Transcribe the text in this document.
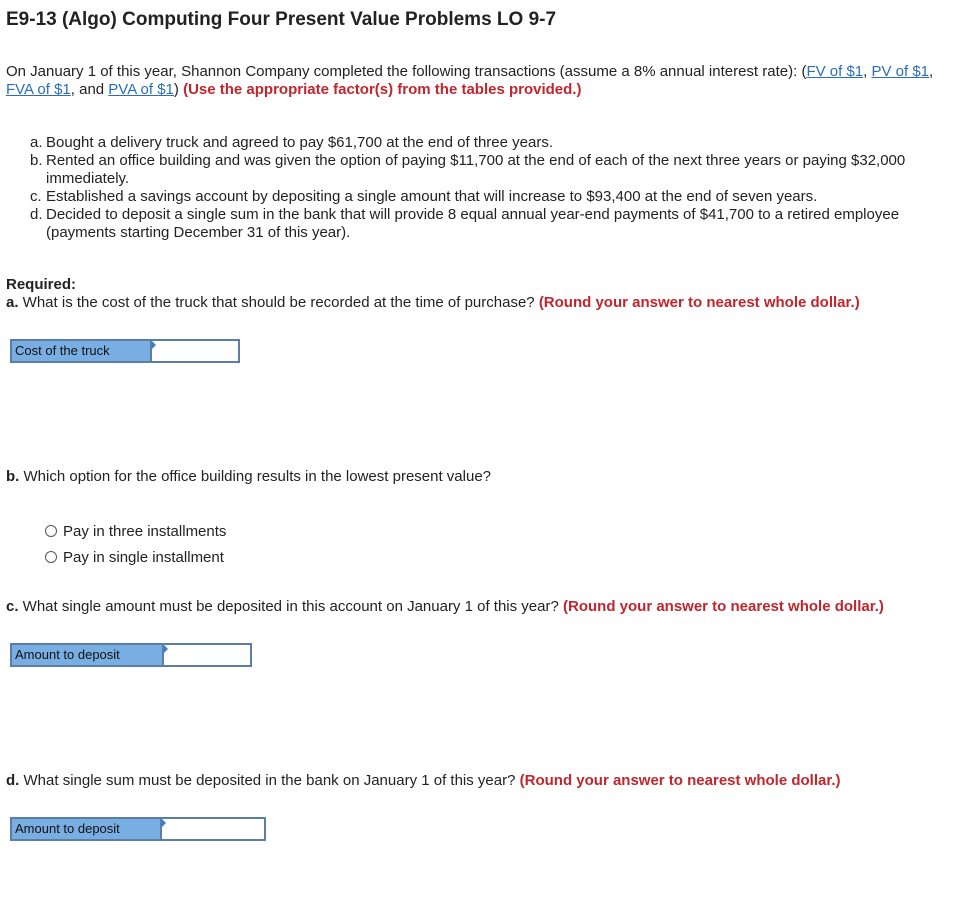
E9-13 (Algo) Computing Four Present Value Problems LO 9-7
On January 1 of this year, Shannon Company completed the following transactions (assume a 8% annual interest rate): (FV of $1, PV of $1, FVA of $1, and PVA of $1) (Use the appropriate factor(s) from the tables provided.)
a. Bought a delivery truck and agreed to pay $61,700 at the end of three years.
b. Rented an office building and was given the option of paying $11,700 at the end of each of the next three years or paying $32,000 immediately.
c. Established a savings account by depositing a single amount that will increase to $93,400 at the end of seven years.
d. Decided to deposit a single sum in the bank that will provide 8 equal annual year-end payments of $41,700 to a retired employee (payments starting December 31 of this year).
Required:
a. What is the cost of the truck that should be recorded at the time of purchase? (Round your answer to nearest whole dollar.)
Cost of the truck
b. Which option for the office building results in the lowest present value?
Pay in three installments
Pay in single installment
c. What single amount must be deposited in this account on January 1 of this year? (Round your answer to nearest whole dollar.)
Amount to deposit
d. What single sum must be deposited in the bank on January 1 of this year? (Round your answer to nearest whole dollar.)
Amount to deposit
